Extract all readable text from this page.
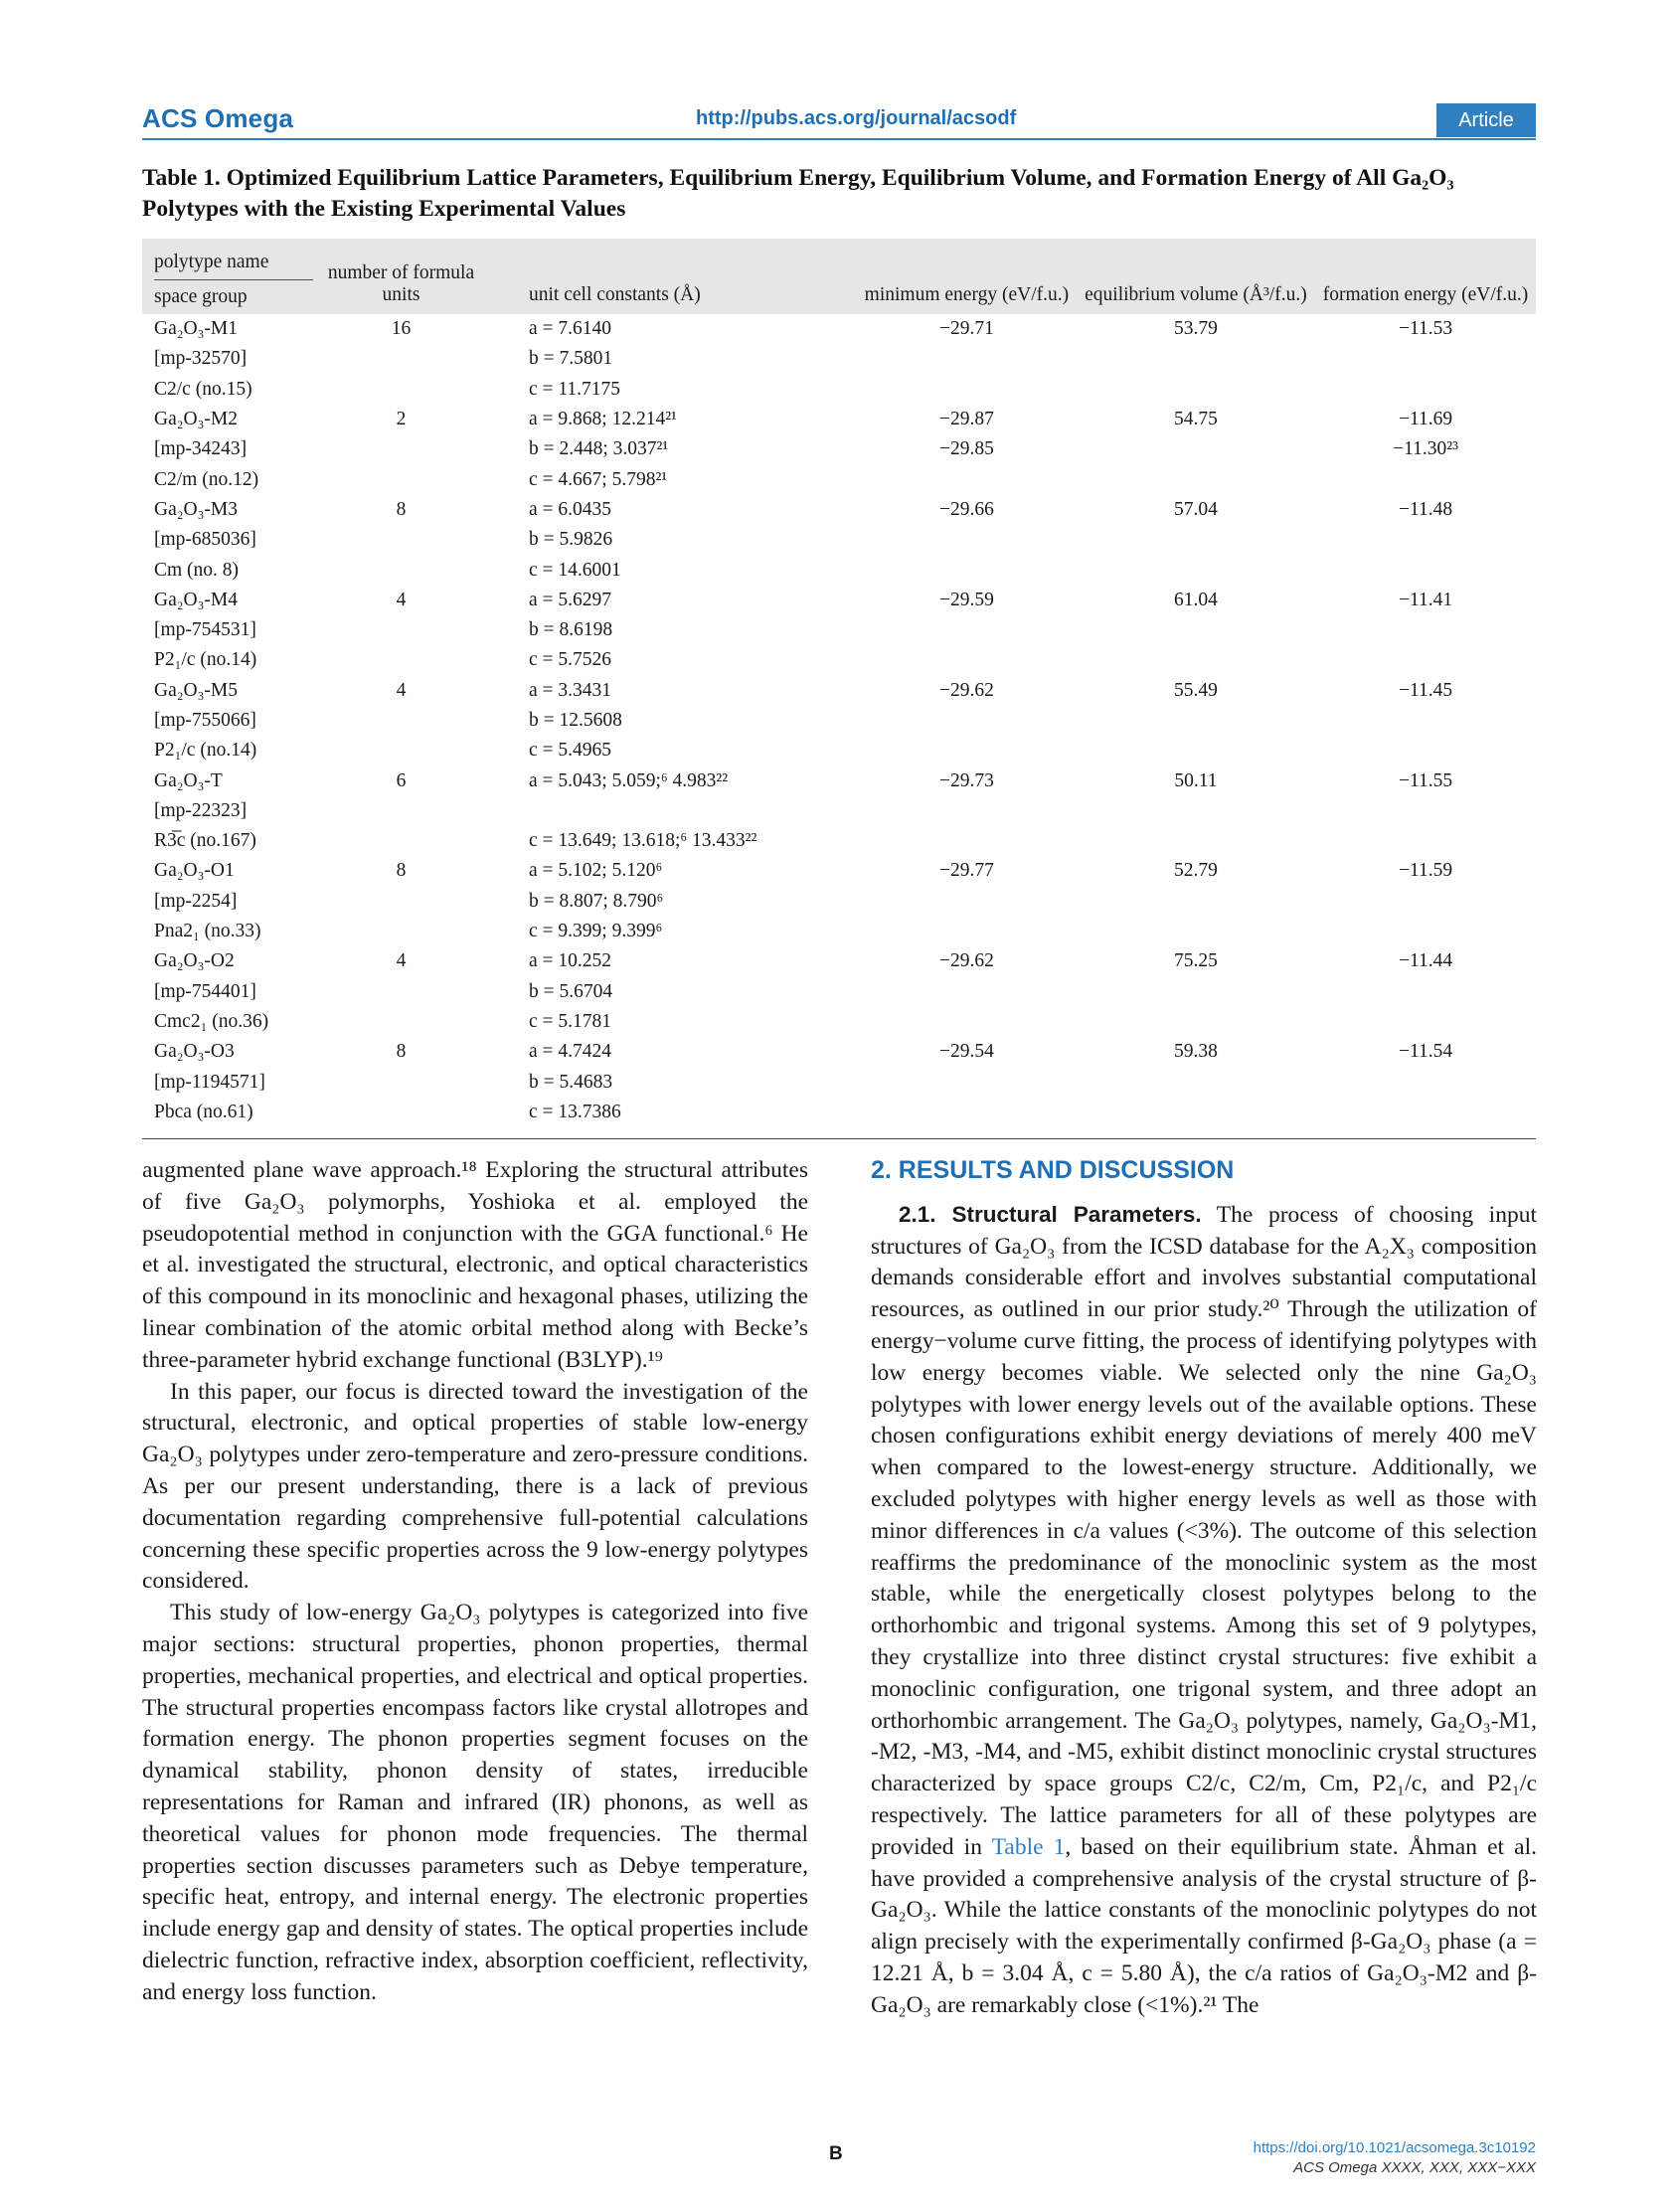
ACS Omega	http://pubs.acs.org/journal/acsodf	Article
Table 1. Optimized Equilibrium Lattice Parameters, Equilibrium Energy, Equilibrium Volume, and Formation Energy of All Ga₂O₃ Polytypes with the Existing Experimental Values
polytype name
space group	number of formula units	unit cell constants (Å)	minimum energy (eV/f.u.)	equilibrium volume (Å³/f.u.)	formation energy (eV/f.u.)
Ga₂O₃-M1	16	a = 7.6140	−29.71	53.79	−11.53
[mp-32570]		b = 7.5801			
C2/c (no.15)		c = 11.7175			
Ga₂O₃-M2	2	a = 9.868; 12.214²¹	−29.87	54.75	−11.69
[mp-34243]		b = 2.448; 3.037²¹	−29.85		−11.30²³
C2/m (no.12)		c = 4.667; 5.798²¹			
Ga₂O₃-M3	8	a = 6.0435	−29.66	57.04	−11.48
[mp-685036]		b = 5.9826			
Cm (no. 8)		c = 14.6001			
Ga₂O₃-M4	4	a = 5.6297	−29.59	61.04	−11.41
[mp-754531]		b = 8.6198			
P2₁/c (no.14)		c = 5.7526			
Ga₂O₃-M5	4	a = 3.3431	−29.62	55.49	−11.45
[mp-755066]		b = 12.5608			
P2₁/c (no.14)		c = 5.4965			
Ga₂O₃-T	6	a = 5.043; 5.059;⁶ 4.983²²	−29.73	50.11	−11.55
[mp-22323]					
R3̅c (no.167)		c = 13.649; 13.618;⁶ 13.433²²			
Ga₂O₃-O1	8	a = 5.102; 5.120⁶	−29.77	52.79	−11.59
[mp-2254]		b = 8.807; 8.790⁶			
Pna2₁ (no.33)		c = 9.399; 9.399⁶			
Ga₂O₃-O2	4	a = 10.252	−29.62	75.25	−11.44
[mp-754401]		b = 5.6704			
Cmc2₁ (no.36)		c = 5.1781			
Ga₂O₃-O3	8	a = 4.7424	−29.54	59.38	−11.54
[mp-1194571]		b = 5.4683			
Pbca (no.61)		c = 13.7386			

augmented plane wave approach.¹⁸ Exploring the structural attributes of five Ga₂O₃ polymorphs, Yoshioka et al. employed the pseudopotential method in conjunction with the GGA functional.⁶ He et al. investigated the structural, electronic, and optical characteristics of this compound in its monoclinic and hexagonal phases, utilizing the linear combination of the atomic orbital method along with Becke’s three-parameter hybrid exchange functional (B3LYP).¹⁹

In this paper, our focus is directed toward the investigation of the structural, electronic, and optical properties of stable low-energy Ga₂O₃ polytypes under zero-temperature and zero-pressure conditions. As per our present understanding, there is a lack of previous documentation regarding comprehensive full-potential calculations concerning these specific properties across the 9 low-energy polytypes considered.

This study of low-energy Ga₂O₃ polytypes is categorized into five major sections: structural properties, phonon properties, thermal properties, mechanical properties, and electrical and optical properties. The structural properties encompass factors like crystal allotropes and formation energy. The phonon properties segment focuses on the dynamical stability, phonon density of states, irreducible representations for Raman and infrared (IR) phonons, as well as theoretical values for phonon mode frequencies. The thermal properties section discusses parameters such as Debye temperature, specific heat, entropy, and internal energy. The electronic properties include energy gap and density of states. The optical properties include dielectric function, refractive index, absorption coefficient, reflectivity, and energy loss function.

2. RESULTS AND DISCUSSION

2.1. Structural Parameters. The process of choosing input structures of Ga₂O₃ from the ICSD database for the A₂X₃ composition demands considerable effort and involves substantial computational resources, as outlined in our prior study.²⁰ Through the utilization of energy−volume curve fitting, the process of identifying polytypes with low energy becomes viable. We selected only the nine Ga₂O₃ polytypes with lower energy levels out of the available options. These chosen configurations exhibit energy deviations of merely 400 meV when compared to the lowest-energy structure. Additionally, we excluded polytypes with higher energy levels as well as those with minor differences in c/a values (<3%). The outcome of this selection reaffirms the predominance of the monoclinic system as the most stable, while the energetically closest polytypes belong to the orthorhombic and trigonal systems. Among this set of 9 polytypes, they crystallize into three distinct crystal structures: five exhibit a monoclinic configuration, one trigonal system, and three adopt an orthorhombic arrangement. The Ga₂O₃ polytypes, namely, Ga₂O₃-M1, -M2, -M3, -M4, and -M5, exhibit distinct monoclinic crystal structures characterized by space groups C2/c, C2/m, Cm, P2₁/c, and P2₁/c respectively. The lattice parameters for all of these polytypes are provided in Table 1, based on their equilibrium state. Åhman et al. have provided a comprehensive analysis of the crystal structure of β-Ga₂O₃. While the lattice constants of the monoclinic polytypes do not align precisely with the experimentally confirmed β-Ga₂O₃ phase (a = 12.21 Å, b = 3.04 Å, c = 5.80 Å), the c/a ratios of Ga₂O₃-M2 and β-Ga₂O₃ are remarkably close (<1%).²¹ The

B	https://doi.org/10.1021/acsomega.3c10192
ACS Omega XXXX, XXX, XXX−XXX
